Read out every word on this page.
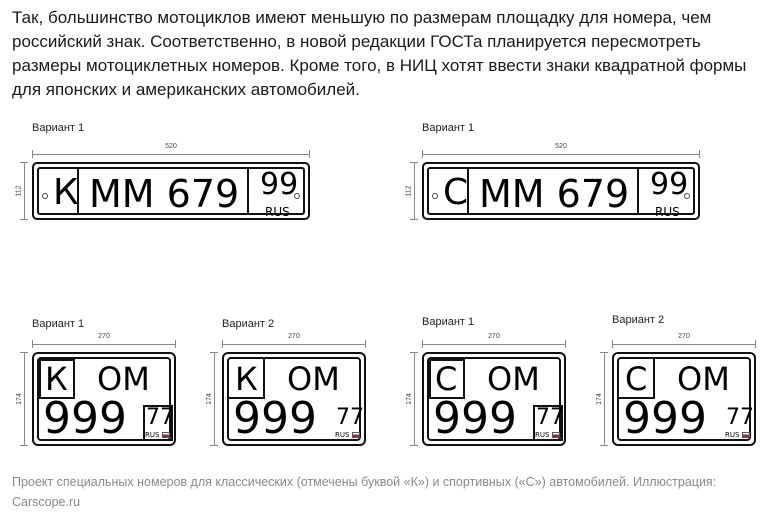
Так, большинство мотоциклов имеют меньшую по размерам площадку для номера, чем российский знак. Соответственно, в новой редакции ГОСТа планируется пересмотреть размеры мотоциклетных номеров. Кроме того, в НИЦ хотят ввести знаки квадратной формы для японских и американских автомобилей.

Вариант 1
520
112 К ММ 679 99
RUS
Вариант 1
520
112 С ММ 679 99
RUS
Вариант 1
270
174
К ОМ
999 77
RUS
Вариант 2
270
174
К ОМ
999 77
RUS
Вариант 1
270
174
С ОМ
999 77
RUS
Вариант 2
270
174
С ОМ
999 77
RUS

Проект специальных номеров для классических (отмечены буквой «К») и спортивных («С») автомобилей. Иллюстрация: Carscope.ru
